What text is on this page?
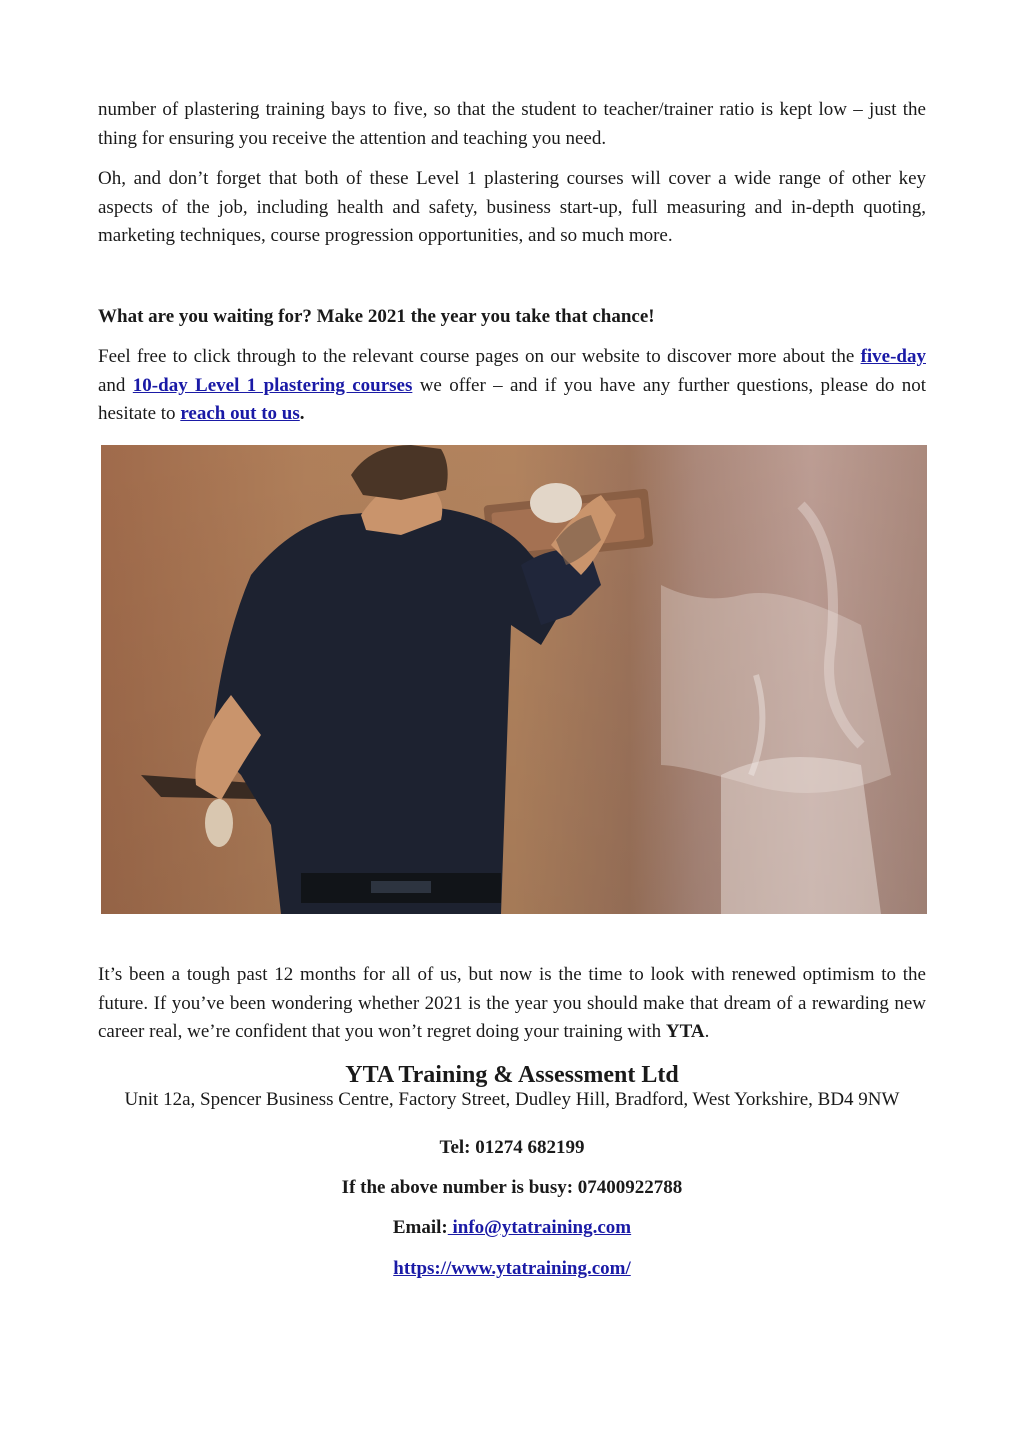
number of plastering training bays to five, so that the student to teacher/trainer ratio is kept low – just the thing for ensuring you receive the attention and teaching you need.

Oh, and don’t forget that both of these Level 1 plastering courses will cover a wide range of other key aspects of the job, including health and safety, business start-up, full measuring and in-depth quoting, marketing techniques, course progression opportunities, and so much more.

What are you waiting for? Make 2021 the year you take that chance!

Feel free to click through to the relevant course pages on our website to discover more about the five-day and 10-day Level 1 plastering courses we offer – and if you have any further questions, please do not hesitate to reach out to us.

It’s been a tough past 12 months for all of us, but now is the time to look with renewed optimism to the future. If you’ve been wondering whether 2021 is the year you should make that dream of a rewarding new career real, we’re confident that you won’t regret doing your training with YTA.

YTA Training & Assessment Ltd
Unit 12a, Spencer Business Centre, Factory Street, Dudley Hill, Bradford, West Yorkshire, BD4 9NW
Tel: 01274 682199
If the above number is busy: 07400922788
Email: info@ytatraining.com
https://www.ytatraining.com/
